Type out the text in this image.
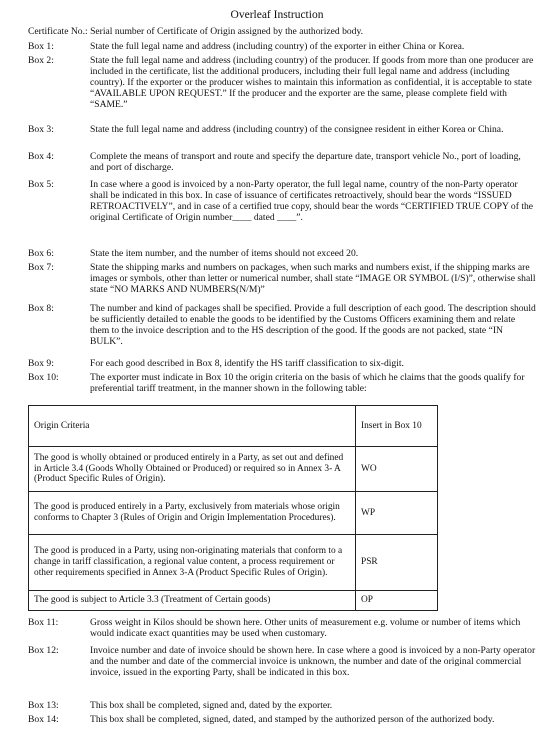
Overleaf Instruction
Certificate No.: Serial number of Certificate of Origin assigned by the authorized body.
Box 1:	State the full legal name and address (including country) of the exporter in either China or Korea.
Box 2:	State the full legal name and address (including country) of the producer. If goods from more than one producer are included in the certificate, list the additional producers, including their full legal name and address (including country). If the exporter or the producer wishes to maintain this information as confidential, it is acceptable to state “AVAILABLE UPON REQUEST.” If the producer and the exporter are the same, please complete field with “SAME.”
Box 3:	State the full legal name and address (including country) of the consignee resident in either Korea or China.
Box 4:	Complete the means of transport and route and specify the departure date, transport vehicle No., port of loading, and port of discharge.
Box 5:	In case where a good is invoiced by a non-Party operator, the full legal name, country of the non-Party operator shall be indicated in this box. In case of issuance of certificates retroactively, should bear the words “ISSUED RETROACTIVELY”, and in case of a certified true copy, should bear the words “CERTIFIED TRUE COPY of the original Certificate of Origin number____ dated ____”.
Box 6:	State the item number, and the number of items should not exceed 20.
Box 7:	State the shipping marks and numbers on packages, when such marks and numbers exist, if the shipping marks are images or symbols, other than letter or numerical number, shall state “IMAGE OR SYMBOL (I/S)”, otherwise shall state “NO MARKS AND NUMBERS(N/M)”
Box 8:	The number and kind of packages shall be specified. Provide a full description of each good. The description should be sufficiently detailed to enable the goods to be identified by the Customs Officers examining them and relate them to the invoice description and to the HS description of the good. If the goods are not packed, state “IN BULK”.
Box 9:	For each good described in Box 8, identify the HS tariff classification to six-digit.
Box 10:	The exporter must indicate in Box 10 the origin criteria on the basis of which he claims that the goods qualify for preferential tariff treatment, in the manner shown in the following table:
Origin Criteria	Insert in Box 10
The good is wholly obtained or produced entirely in a Party, as set out and defined in Article 3.4 (Goods Wholly Obtained or Produced) or required so in Annex 3- A (Product Specific Rules of Origin).	WO
The good is produced entirely in a Party, exclusively from materials whose origin conforms to Chapter 3 (Rules of Origin and Origin Implementation Procedures).	WP
The good is produced in a Party, using non-originating materials that conform to a change in tariff classification, a regional value content, a process requirement or other requirements specified in Annex 3-A (Product Specific Rules of Origin).	PSR
The good is subject to Article 3.3 (Treatment of Certain goods)	OP
Box 11:	Gross weight in Kilos should be shown here. Other units of measurement e.g. volume or number of items which would indicate exact quantities may be used when customary.
Box 12:	Invoice number and date of invoice should be shown here. In case where a good is invoiced by a non-Party operator and the number and date of the commercial invoice is unknown, the number and date of the original commercial invoice, issued in the exporting Party, shall be indicated in this box.
Box 13:	This box shall be completed, signed and, dated by the exporter.
Box 14:	This box shall be completed, signed, dated, and stamped by the authorized person of the authorized body.
